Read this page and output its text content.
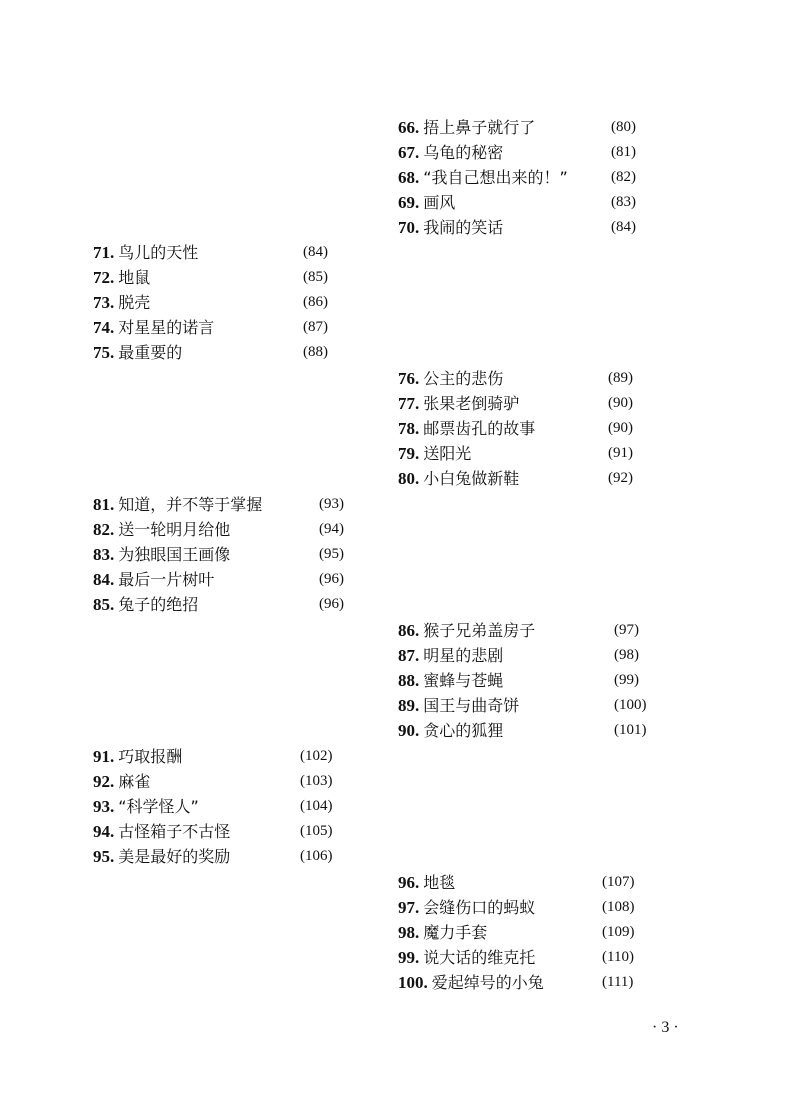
66. 捂上鼻子就行了	(80)
67. 乌龟的秘密	(81)
68. “我自己想出来的！”	(82)
69. 画风	(83)
70. 我闹的笑话	(84)
71. 鸟儿的天性	(84)
72. 地鼠	(85)
73. 脱壳	(86)
74. 对星星的诺言	(87)
75. 最重要的	(88)
76. 公主的悲伤	(89)
77. 张果老倒骑驴	(90)
78. 邮票齿孔的故事	(90)
79. 送阳光	(91)
80. 小白兔做新鞋	(92)
81. 知道，并不等于掌握	(93)
82. 送一轮明月给他	(94)
83. 为独眼国王画像	(95)
84. 最后一片树叶	(96)
85. 兔子的绝招	(96)
86. 猴子兄弟盖房子	(97)
87. 明星的悲剧	(98)
88. 蜜蜂与苍蝇	(99)
89. 国王与曲奇饼	(100)
90. 贪心的狐狸	(101)
91. 巧取报酬	(102)
92. 麻雀	(103)
93. “科学怪人”	(104)
94. 古怪箱子不古怪	(105)
95. 美是最好的奖励	(106)
96. 地毯	(107)
97. 会缝伤口的蚂蚁	(108)
98. 魔力手套	(109)
99. 说大话的维克托	(110)
100. 爱起绰号的小兔	(111)
· 3 ·
